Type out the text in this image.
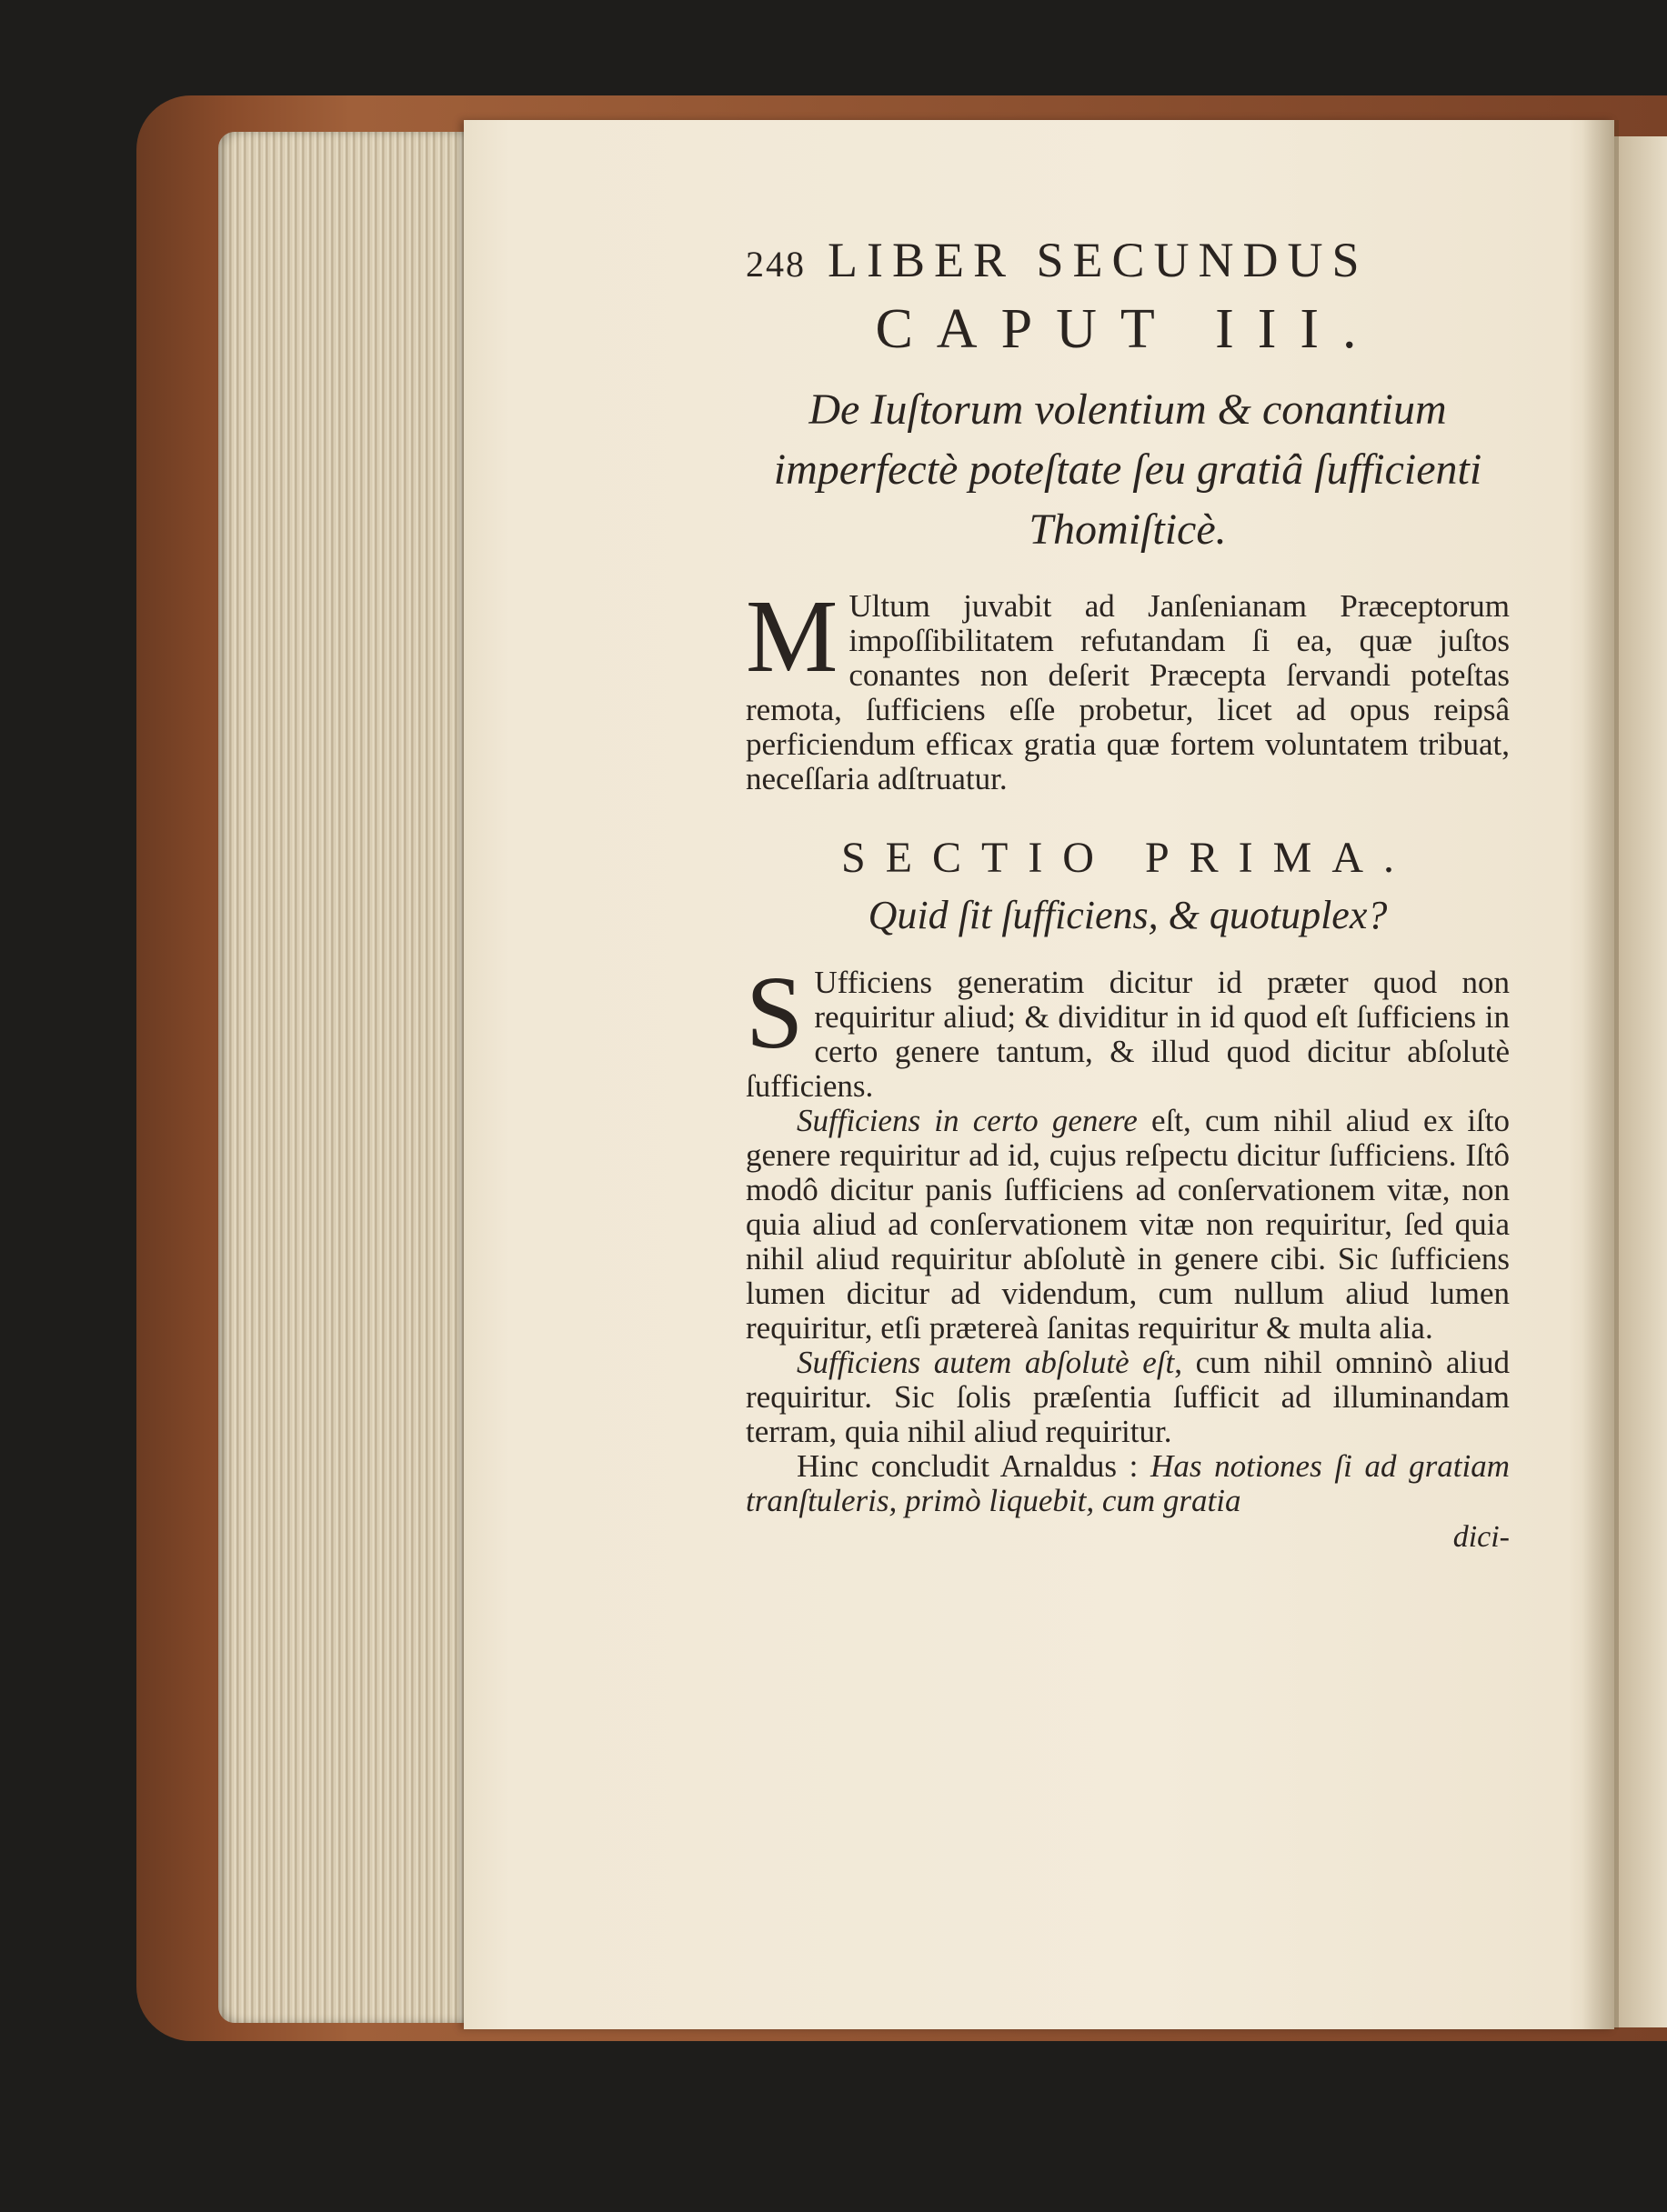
248 LIBER SECUNDUS
CAPUT III.
De Iuſtorum volentium & conantium imperfectè poteſtate ſeu gratiâ ſufficienti Thomiſticè.

M Ultum juvabit ad Janſenianam Præceptorum impoſſibilitatem refutandam ſi ea, quæ juſtos conantes non deſerit Præcepta ſervandi poteſtas remota, ſufficiens eſſe probetur, licet ad opus reipsâ perficiendum efficax gratia quæ fortem voluntatem tribuat, neceſſaria adſtruatur.

SECTIO PRIMA.
Quid ſit ſufficiens, & quotuplex?

S Ufficiens generatim dicitur id præter quod non requiritur aliud; & dividitur in id quod eſt ſufficiens in certo genere tantum, & illud quod dicitur abſolutè ſufficiens.

Sufficiens in certo genere eſt, cum nihil aliud ex iſto genere requiritur ad id, cujus reſpectu dicitur ſufficiens. Iſtô modô dicitur panis ſufficiens ad conſervationem vitæ, non quia aliud ad conſervationem vitæ non requiritur, ſed quia nihil aliud requiritur abſolutè in genere cibi. Sic ſufficiens lumen dicitur ad videndum, cum nullum aliud lumen requiritur, etſi prætereà ſanitas requiritur & multa alia.

Sufficiens autem abſolutè eſt, cum nihil omninò aliud requiritur. Sic ſolis præſentia ſufficit ad illuminandam terram, quia nihil aliud requiritur.

Hinc concludit Arnaldus : Has notiones ſi ad gratiam tranſtuleris, primò liquebit, cum gratia

dici-
